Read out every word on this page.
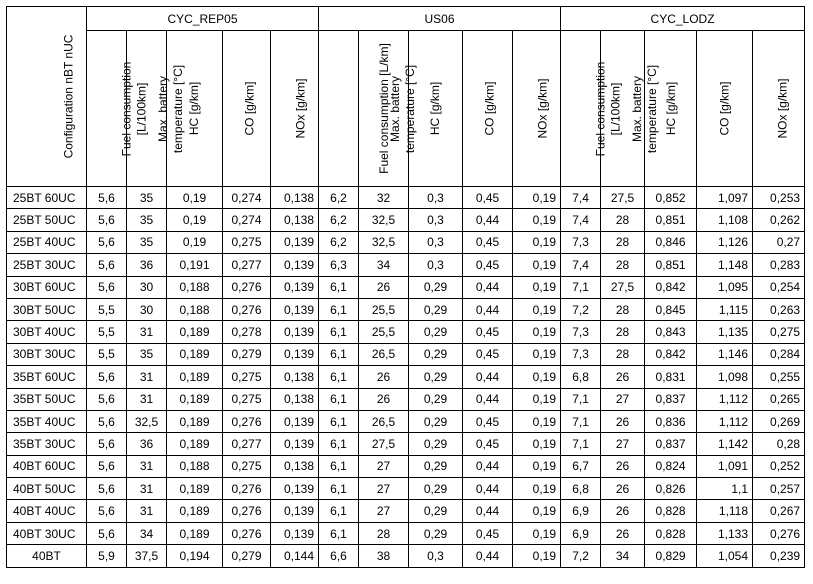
Configuration nBT nUC	CYC_REP05					US06					CYC_LODZ				

	Fuel consumption [L/100km]	Max. battery temperature [°C]	HC [g/km]	CO [g/km]	NOx [g/km]	Fuel consumption [L/km]	Max. battery temperature [°C]	HC [g/km]	CO [g/km]	NOx [g/km]	Fuel consumption [L/100km]	Max. battery temperature [°C]	HC [g/km]	CO [g/km]	NOx [g/km]

25BT 60UC	5,6	35	0,19	0,274	0,138	6,2	32	0,3	0,45	0,19	7,4	27,5	0,852	1,097	0,253
25BT 50UC	5,6	35	0,19	0,274	0,138	6,2	32,5	0,3	0,44	0,19	7,4	28	0,851	1,108	0,262
25BT 40UC	5,6	35	0,19	0,275	0,139	6,2	32,5	0,3	0,45	0,19	7,3	28	0,846	1,126	0,27
25BT 30UC	5,6	36	0,191	0,277	0,139	6,3	34	0,3	0,45	0,19	7,4	28	0,851	1,148	0,283
30BT 60UC	5,6	30	0,188	0,276	0,139	6,1	26	0,29	0,44	0,19	7,1	27,5	0,842	1,095	0,254
30BT 50UC	5,5	30	0,188	0,276	0,139	6,1	25,5	0,29	0,44	0,19	7,2	28	0,845	1,115	0,263
30BT 40UC	5,5	31	0,189	0,278	0,139	6,1	25,5	0,29	0,45	0,19	7,3	28	0,843	1,135	0,275
30BT 30UC	5,5	35	0,189	0,279	0,139	6,1	26,5	0,29	0,45	0,19	7,3	28	0,842	1,146	0,284
35BT 60UC	5,6	31	0,189	0,275	0,138	6,1	26	0,29	0,44	0,19	6,8	26	0,831	1,098	0,255
35BT 50UC	5,6	31	0,189	0,275	0,138	6,1	26	0,29	0,44	0,19	7,1	27	0,837	1,112	0,265
35BT 40UC	5,6	32,5	0,189	0,276	0,139	6,1	26,5	0,29	0,45	0,19	7,1	26	0,836	1,112	0,269
35BT 30UC	5,6	36	0,189	0,277	0,139	6,1	27,5	0,29	0,45	0,19	7,1	27	0,837	1,142	0,28
40BT 60UC	5,6	31	0,188	0,275	0,138	6,1	27	0,29	0,44	0,19	6,7	26	0,824	1,091	0,252
40BT 50UC	5,6	31	0,189	0,276	0,139	6,1	27	0,29	0,44	0,19	6,8	26	0,826	1,1	0,257
40BT 40UC	5,6	31	0,189	0,276	0,139	6,1	27	0,29	0,44	0,19	6,9	26	0,828	1,118	0,267
40BT 30UC	5,6	34	0,189	0,276	0,139	6,1	28	0,29	0,45	0,19	6,9	26	0,828	1,133	0,276
40BT	5,9	37,5	0,194	0,279	0,144	6,6	38	0,3	0,44	0,19	7,2	34	0,829	1,054	0,239
